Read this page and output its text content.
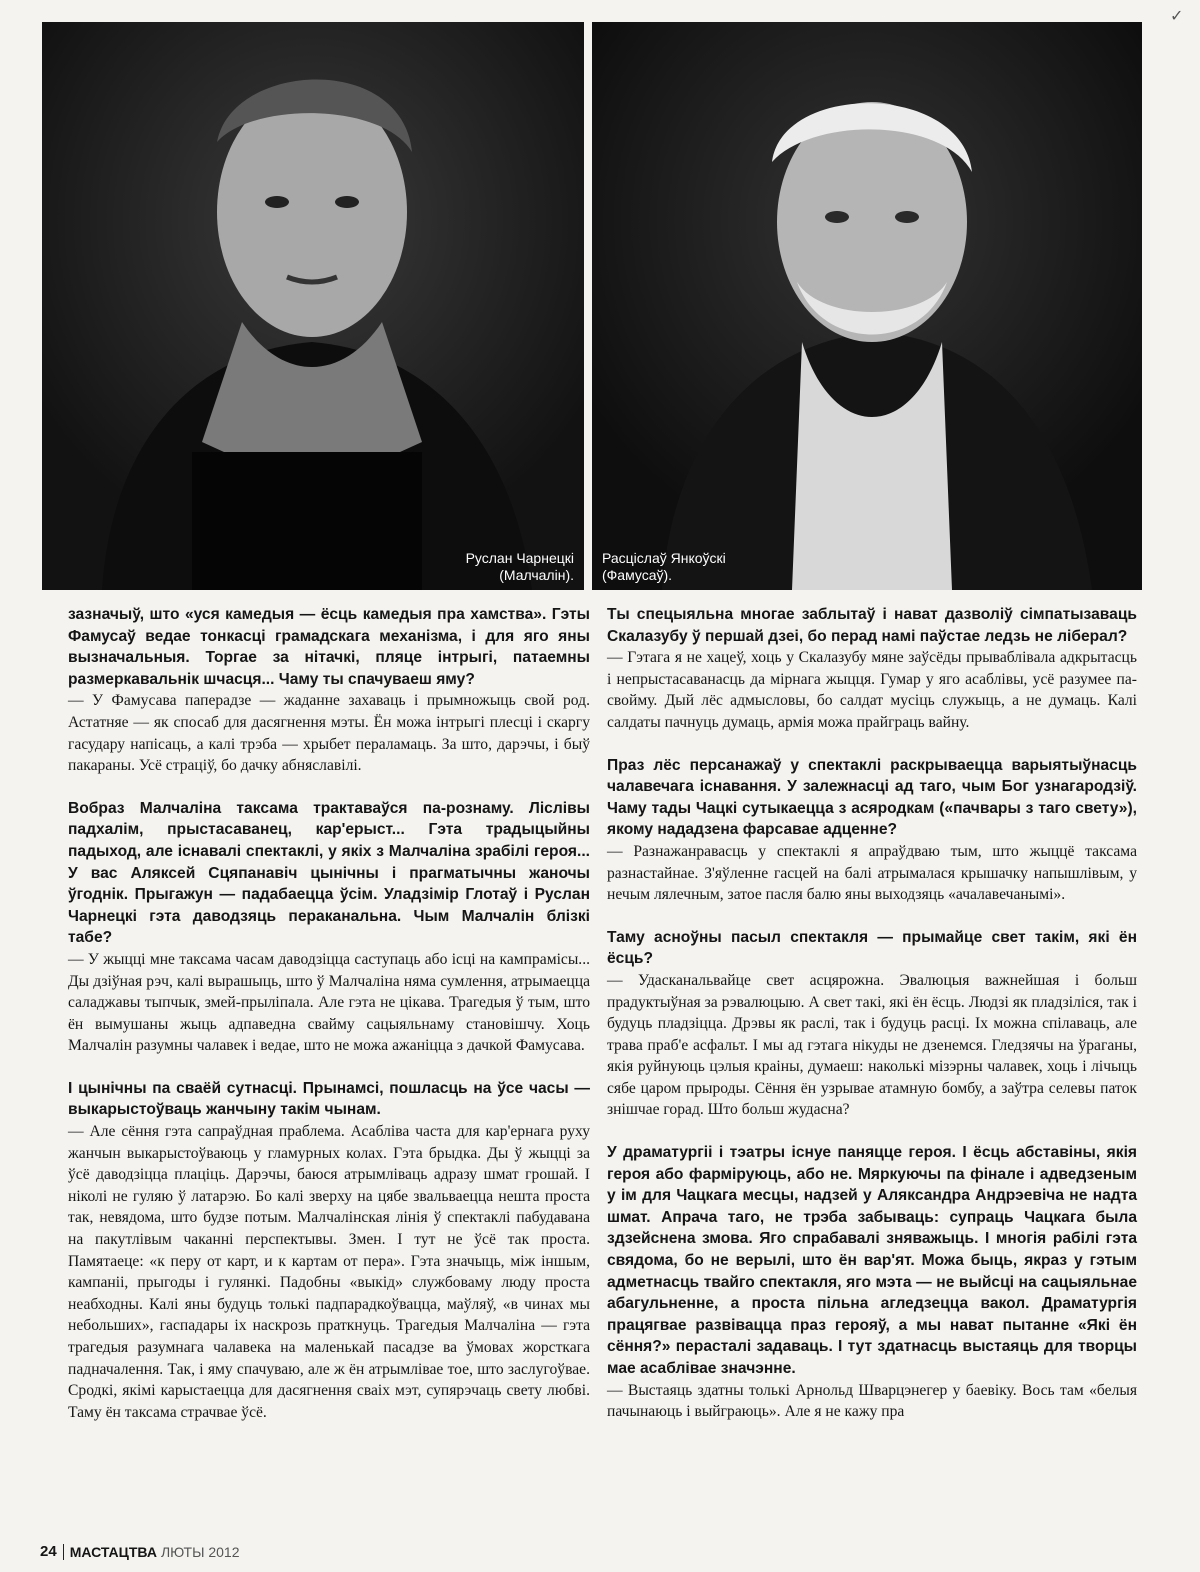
Руслан Чарнецкі
(Малчалін).
Расціслаў Янкоўскі
(Фамусаў).
✓

зазначыў, што «уся камедыя — ёсць камедыя пра хамства». Гэты Фамусаў ведае тонкасці грамадскага механізма, і для яго яны вызначальныя. Торгае за нітачкі, пляце інтрыгі, патаемны размеркавальнік шчасця... Чаму ты спачуваеш яму?

— У Фамусава паперадзе — жаданне захаваць і прымножыць свой род. Астатняе — як спосаб для дасягнення мэты. Ён можа інтрыгі плесці і скаргу гасудару напісаць, а калі трэба — хрыбет пераламаць. За што, дарэчы, і быў пакараны. Усё страціў, бо дачку абняславілі.

Вобраз Малчаліна таксама трактаваўся па-рознаму. Ліслівы падхалім, прыстасаванец, кар'ерыст... Гэта традыцыйны падыход, але існавалі спектаклі, у якіх з Малчаліна зрабілі героя... У вас Аляксей Сцяпанавіч цынічны і прагматычны жаночы ўгоднік. Прыгажун — падабаецца ўсім. Уладзімір Глотаў і Руслан Чарнецкі гэта даводзяць пераканальна. Чым Малчалін блізкі табе?

— У жыцці мне таксама часам даводзіцца саступаць або ісці на кампрамісы... Ды дзіўная рэч, калі вырашыць, што ў Малчаліна няма сумлення, атрымаецца саладжавы тыпчык, змей-прыліпала. Але гэта не цікава. Трагедыя ў тым, што ён вымушаны жыць адпаведна свайму сацыяльнаму становішчу. Хоць Малчалін разумны чалавек і ведае, што не можа ажаніцца з дачкой Фамусава.

І цынічны па сваёй сутнасці. Прынамсі, пошласць на ўсе часы — выкарыстоўваць жанчыну такім чынам.

— Але сёння гэта сапраўдная праблема. Асабліва часта для кар'ернага руху жанчын выкарыстоўваюць у гламурных колах. Гэта брыдка. Ды ў жыцці за ўсё даводзіцца плаціць. Дарэчы, баюся атрымліваць адразу шмат грошай. І ніколі не гуляю ў латарэю. Бо калі зверху на цябе звальваецца нешта проста так, невядома, што будзе потым. Малчалінская лінія ў спектаклі пабудавана на пакутлівым чаканні перспектывы. Змен. І тут не ўсё так проста. Памятаеце: «к перу от карт, и к картам от пера». Гэта значыць, між іншым, кампаніі, прыгоды і гулянкі. Падобны «выкід» службоваму люду проста неабходны. Калі яны будуць толькі падпарадкоўвацца, маўляў, «в чинах мы небольших», гаспадары іх наскрозь праткнуць. Трагедыя Малчаліна — гэта трагедыя разумнага чалавека на маленькай пасадзе ва ўмовах жорсткага падначалення. Так, і яму спачуваю, але ж ён атрымлівае тое, што заслугоўвае. Сродкі, якімі карыстаецца для дасягнення сваіх мэт, супярэчаць свету любві. Таму ён таксама страчвае ўсё.

Ты спецыяльна многае заблытаў і нават дазволіў сімпатызаваць Скалазубу ў першай дзеі, бо перад намі паўстае ледзь не ліберал?

— Гэтага я не хацеў, хоць у Скалазубу мяне заўсёды прываблівала адкрытасць і непрыстасаванасць да мірнага жыцця. Гумар у яго асаблівы, усё разумее па-свойму. Дый лёс адмысловы, бо салдат мусіць служыць, а не думаць. Калі салдаты пачнуць думаць, армія можа прайграць вайну.

Праз лёс персанажаў у спектаклі раскрываецца варыятыўнасць чалавечага існавання. У залежнасці ад таго, чым Бог узнагародзіў. Чаму тады Чацкі сутыкаецца з асяродкам («пачвары з таго свету»), якому нададзена фарсавае адценне?

— Разнажанравасць у спектаклі я апраўдваю тым, што жыццё таксама разнастайнае. З'яўленне гасцей на балі атрымалася крышачку напышлівым, у нечым лялечным, затое пасля балю яны выходзяць «ачалавечанымі».

Таму асноўны пасыл спектакля — прымайце свет такім, які ён ёсць?

— Удасканальвайце свет асцярожна. Эвалюцыя важнейшая і больш прадуктыўная за рэвалюцыю. А свет такі, які ён ёсць. Людзі як пладзіліся, так і будуць пладзіцца. Дрэвы як раслі, так і будуць расці. Іх можна спілаваць, але трава праб'е асфальт. І мы ад гэтага нікуды не дзенемся. Гледзячы на ўраганы, якія руйнуюць цэлыя краіны, думаеш: наколькі мізэрны чалавек, хоць і лічыць сябе царом прыроды. Сёння ён узрывае атамную бомбу, а заўтра селевы паток знішчае горад. Што больш жудасна?

У драматургіі і тэатры існуе паняцце героя. І ёсць абставіны, якія героя або фарміруюць, або не. Мяркуючы па фінале і адведзеным у ім для Чацкага месцы, надзей у Аляксандра Андрэевіча не надта шмат. Апрача таго, не трэба забываць: супраць Чацкага была здзейснена змова. Яго спрабавалі зняважыць. І многія рабілі гэта свядома, бо не верылі, што ён вар'ят. Можа быць, якраз у гэтым адметнасць твайго спектакля, яго мэта — не выйсці на сацыяльнае абагульненне, а проста пільна агледзецца вакол. Драматургія працягвае развівацца праз герояў, а мы нават пытанне «Які ён сёння?» перасталі задаваць. І тут здатнасць выстаяць для творцы мае асаблівае значэнне.

— Выстаяць здатны толькі Арнольд Шварцэнегер у баевіку. Вось там «белыя пачынаюць і выйграюць». Але я не кажу пра

24 МАСТАЦТВА ЛЮТЫ 2012
